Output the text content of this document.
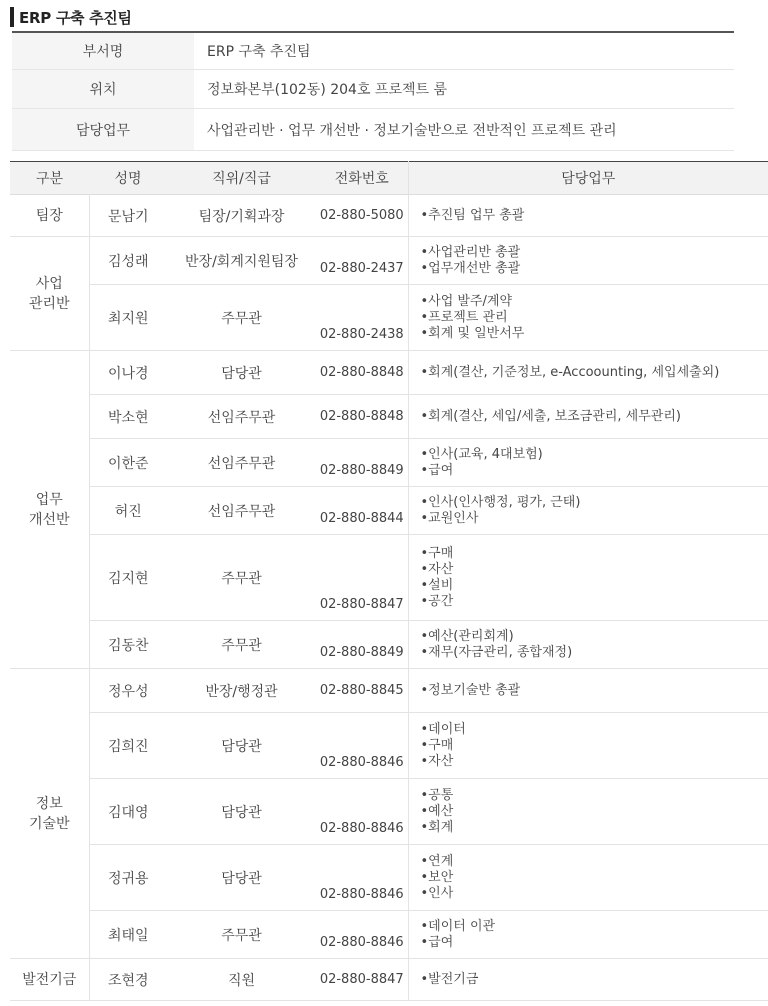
ERP 구축 추진팀
부서명	ERP 구축 추진팀
위치	정보화본부(102동) 204호 프로젝트 룸
담당업무	사업관리반 · 업무 개선반 · 정보기술반으로 전반적인 프로젝트 관리
구분	성명	직위/직급	전화번호	담당업무
팀장	문남기	팀장/기획과장	02-880-5080	•추진팀 업무 총괄

사업
관리반	김성래	반장/회계지원팀장	02-880-2437	•사업관리반 총괄
•업무개선반 총괄

	최지원	주무관	02-880-2438	•사업 발주/계약
•프로젝트 관리
•회계 및 일반서무

업무
개선반	이나경	담당관	02-880-8848	•회계(결산, 기준정보, e-Accoounting, 세입세출외)

	박소현	선임주무관	02-880-8848	•회계(결산, 세입/세출, 보조금관리, 세무관리)

	이한준	선임주무관	02-880-8849	•인사(교육, 4대보험)
•급여

	허진	선임주무관	02-880-8844	•인사(인사행정, 평가, 근태)
•교원인사

	김지현	주무관	02-880-8847	•구매
•자산
•설비
•공간

	김동찬	주무관	02-880-8849	•예산(관리회계)
•재무(자금관리, 종합재정)

정보
기술반	정우성	반장/행정관	02-880-8845	•정보기술반 총괄

	김희진	담당관	02-880-8846	•데이터
•구매
•자산

	김대영	담당관	02-880-8846	•공통
•예산
•회계

	정귀용	담당관	02-880-8846	•연계
•보안
•인사

	최태일	주무관	02-880-8846	•데이터 이관
•급여

발전기금	조현경	직원	02-880-8847	•발전기금
